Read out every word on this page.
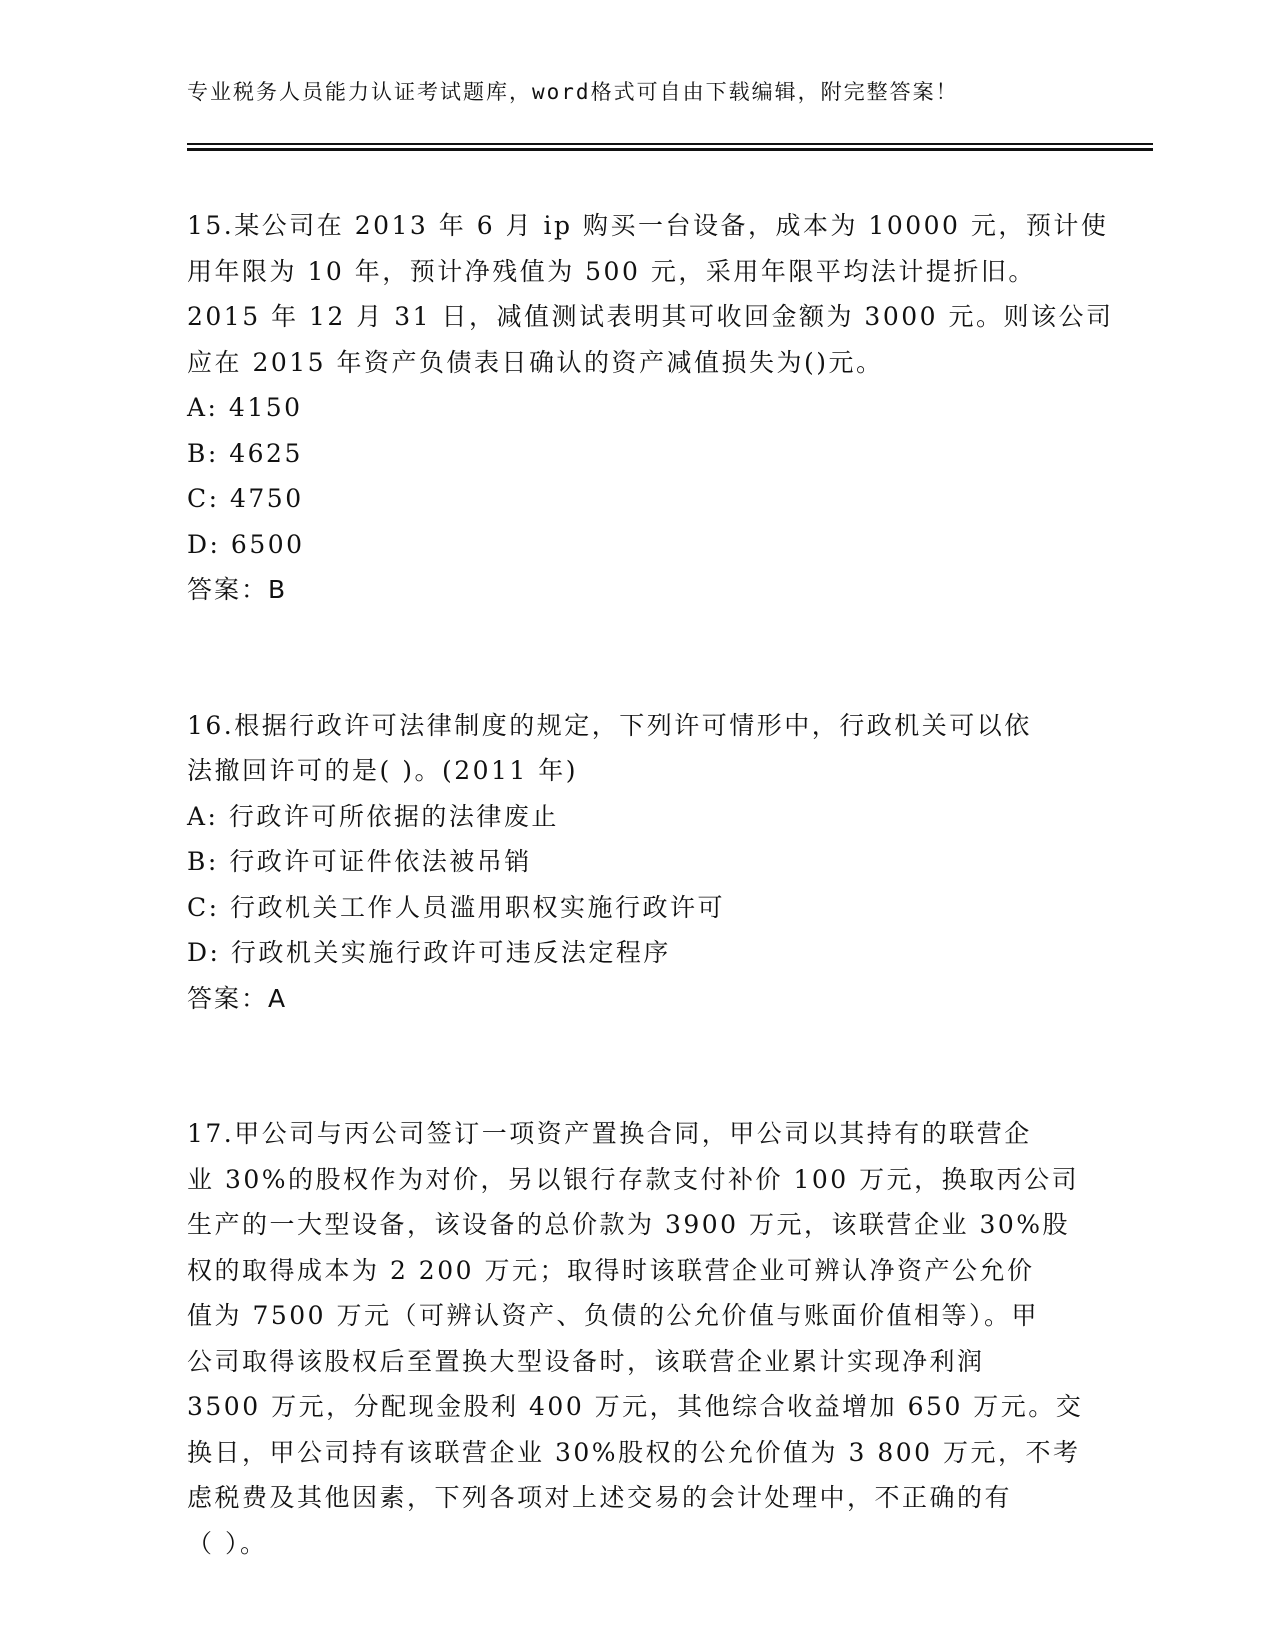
专业税务人员能力认证考试题库，word格式可自由下载编辑，附完整答案！
15.某公司在 2013 年 6 月 ip 购买一台设备，成本为 10000 元，预计使
用年限为 10 年，预计净残值为 500 元，采用年限平均法计提折旧。
2015 年 12 月 31 日，减值测试表明其可收回金额为 3000 元。则该公司
应在 2015 年资产负债表日确认的资产减值损失为()元。
A: 4150
B: 4625
C: 4750
D: 6500
答案：B
16.根据行政许可法律制度的规定，下列许可情形中，行政机关可以依
法撤回许可的是( )。(2011 年)
A: 行政许可所依据的法律废止
B: 行政许可证件依法被吊销
C: 行政机关工作人员滥用职权实施行政许可
D: 行政机关实施行政许可违反法定程序
答案：A
17.甲公司与丙公司签订一项资产置换合同，甲公司以其持有的联营企
业 30%的股权作为对价，另以银行存款支付补价 100 万元，换取丙公司
生产的一大型设备，该设备的总价款为 3900 万元，该联营企业 30%股
权的取得成本为 2 200 万元；取得时该联营企业可辨认净资产公允价
值为 7500 万元（可辨认资产、负债的公允价值与账面价值相等）。甲
公司取得该股权后至置换大型设备时，该联营企业累计实现净利润
3500 万元，分配现金股利 400 万元，其他综合收益增加 650 万元。交
换日，甲公司持有该联营企业 30%股权的公允价值为 3 800 万元，不考
虑税费及其他因素，下列各项对上述交易的会计处理中，不正确的有
（ ）。
